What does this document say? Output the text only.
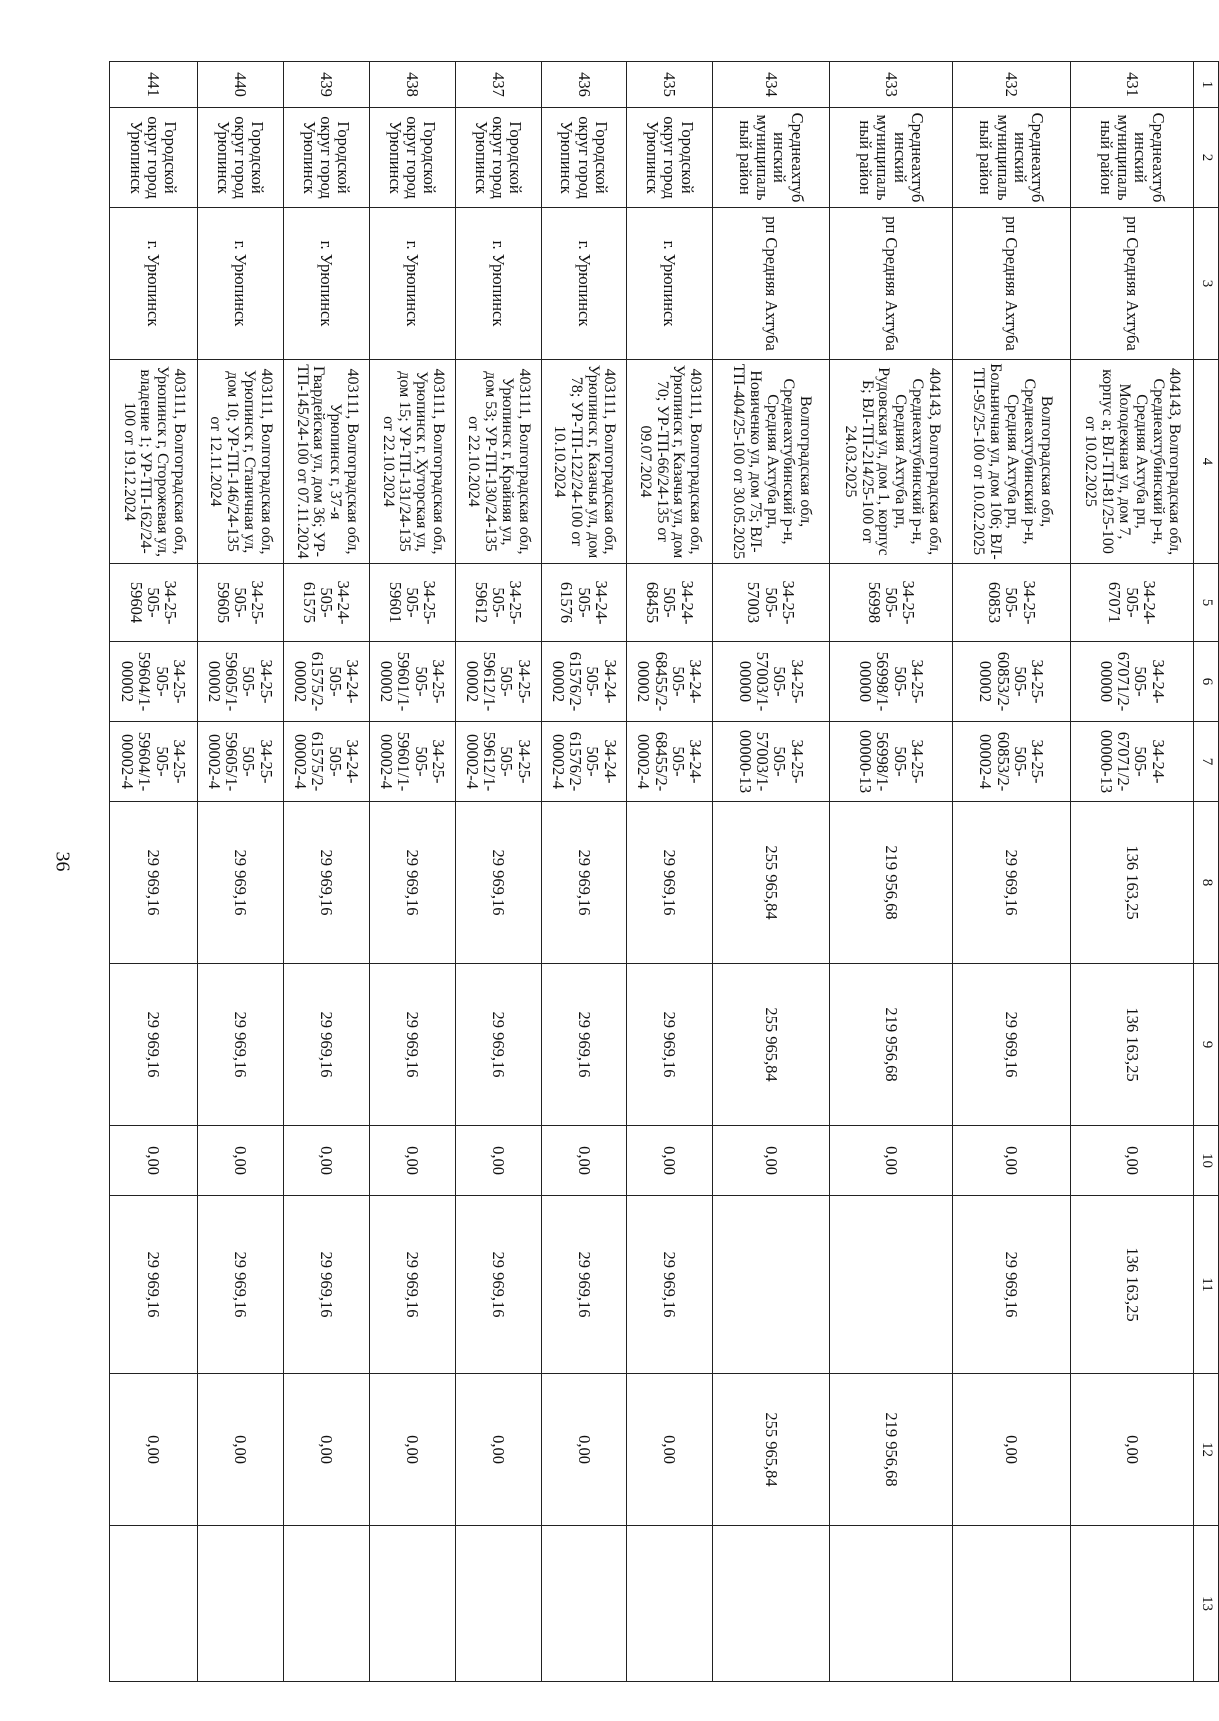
36
1	2	3	4	5	6	7	8	9	10	11	12	13
431	Среднеахтубинский муниципальный район	рп Средняя Ахтуба	404143, Волгоградская обл, Среднеахтубинский р-н, Средняя Ахтуба рп, Молодежная ул, дом 7, корпус а; ВЛ-ТП-81/25-100 от 10.02.2025	34-24-505-67071	34-24-505-67071/2-00000	34-24-505-67071/2-00000-13	136 163,25	136 163,25	0,00	136 163,25	0,00	
432	Среднеахтубинский муниципальный район	рп Средняя Ахтуба	Волгоградская обл, Среднеахтубинский р-н, Средняя Ахтуба рп, Больничная ул, дом 106; ВЛ-ТП-95/25-100 от 10.02.2025	34-25-505-60853	34-25-505-60853/2-00002	34-25-505-60853/2-00002-4	29 969,16	29 969,16	0,00	29 969,16	0,00	
433	Среднеахтубинский муниципальный район	рп Средняя Ахтуба	404143, Волгоградская обл, Среднеахтубинский р-н, Средняя Ахтуба рп, Рудовская ул, дом 1, корпус Б; ВЛ-ТП-214/25-100 от 24.03.2025	34-25-505-56998	34-25-505-56998/1-00000	34-25-505-56998/1-00000-13	219 956,68	219 956,68	0,00		219 956,68	
434	Среднеахтубинский муниципальный район	рп Средняя Ахтуба	Волгоградская обл, Среднеахтубинский р-н, Средняя Ахтуба рп, Новиченко ул, дом 75; ВЛ-ТП-404/25-100 от 30.05.2025	34-25-505-57003	34-25-505-57003/1-00000	34-25-505-57003/1-00000-13	255 965,84	255 965,84	0,00		255 965,84	
435	Городской округ город Урюпинск	г. Урюпинск	403111, Волгоградская обл, Урюпинск г, Казачья ул, дом 70; УР-ТП-66/24-135 от 09.07.2024	34-24-505-68455	34-24-505-68455/2-00002	34-24-505-68455/2-00002-4	29 969,16	29 969,16	0,00	29 969,16	0,00	
436	Городской округ город Урюпинск	г. Урюпинск	403111, Волгоградская обл, Урюпинск г, Казачья ул, дом 78; УР-ТП-122/24-100 от 10.10.2024	34-24-505-61576	34-24-505-61576/2-00002	34-24-505-61576/2-00002-4	29 969,16	29 969,16	0,00	29 969,16	0,00	
437	Городской округ город Урюпинск	г. Урюпинск	403111, Волгоградская обл, Урюпинск г, Крайняя ул, дом 53; УР-ТП-130/24-135 от 22.10.2024	34-25-505-59612	34-25-505-59612/1-00002	34-25-505-59612/1-00002-4	29 969,16	29 969,16	0,00	29 969,16	0,00	
438	Городской округ город Урюпинск	г. Урюпинск	403111, Волгоградская обл, Урюпинск г, Хуторская ул, дом 15; УР-ТП-131/24-135 от 22.10.2024	34-25-505-59601	34-25-505-59601/1-00002	34-25-505-59601/1-00002-4	29 969,16	29 969,16	0,00	29 969,16	0,00	
439	Городской округ город Урюпинск	г. Урюпинск	403111, Волгоградская обл, Урюпинск г, 37-я Гвардейская ул, дом 36; УР-ТП-145/24-100 от 07.11.2024	34-24-505-61575	34-24-505-61575/2-00002	34-24-505-61575/2-00002-4	29 969,16	29 969,16	0,00	29 969,16	0,00	
440	Городской округ город Урюпинск	г. Урюпинск	403111, Волгоградская обл, Урюпинск г, Станичная ул, дом 10; УР-ТП-146/24-135 от 12.11.2024	34-25-505-59605	34-25-505-59605/1-00002	34-25-505-59605/1-00002-4	29 969,16	29 969,16	0,00	29 969,16	0,00	
441	Городской округ город Урюпинск	г. Урюпинск	403111, Волгоградская обл, Урюпинск г, Сторожевая ул, владение 1; УР-ТП-162/24-100 от 19.12.2024	34-25-505-59604	34-25-505-59604/1-00002	34-25-505-59604/1-00002-4	29 969,16	29 969,16	0,00	29 969,16	0,00	
